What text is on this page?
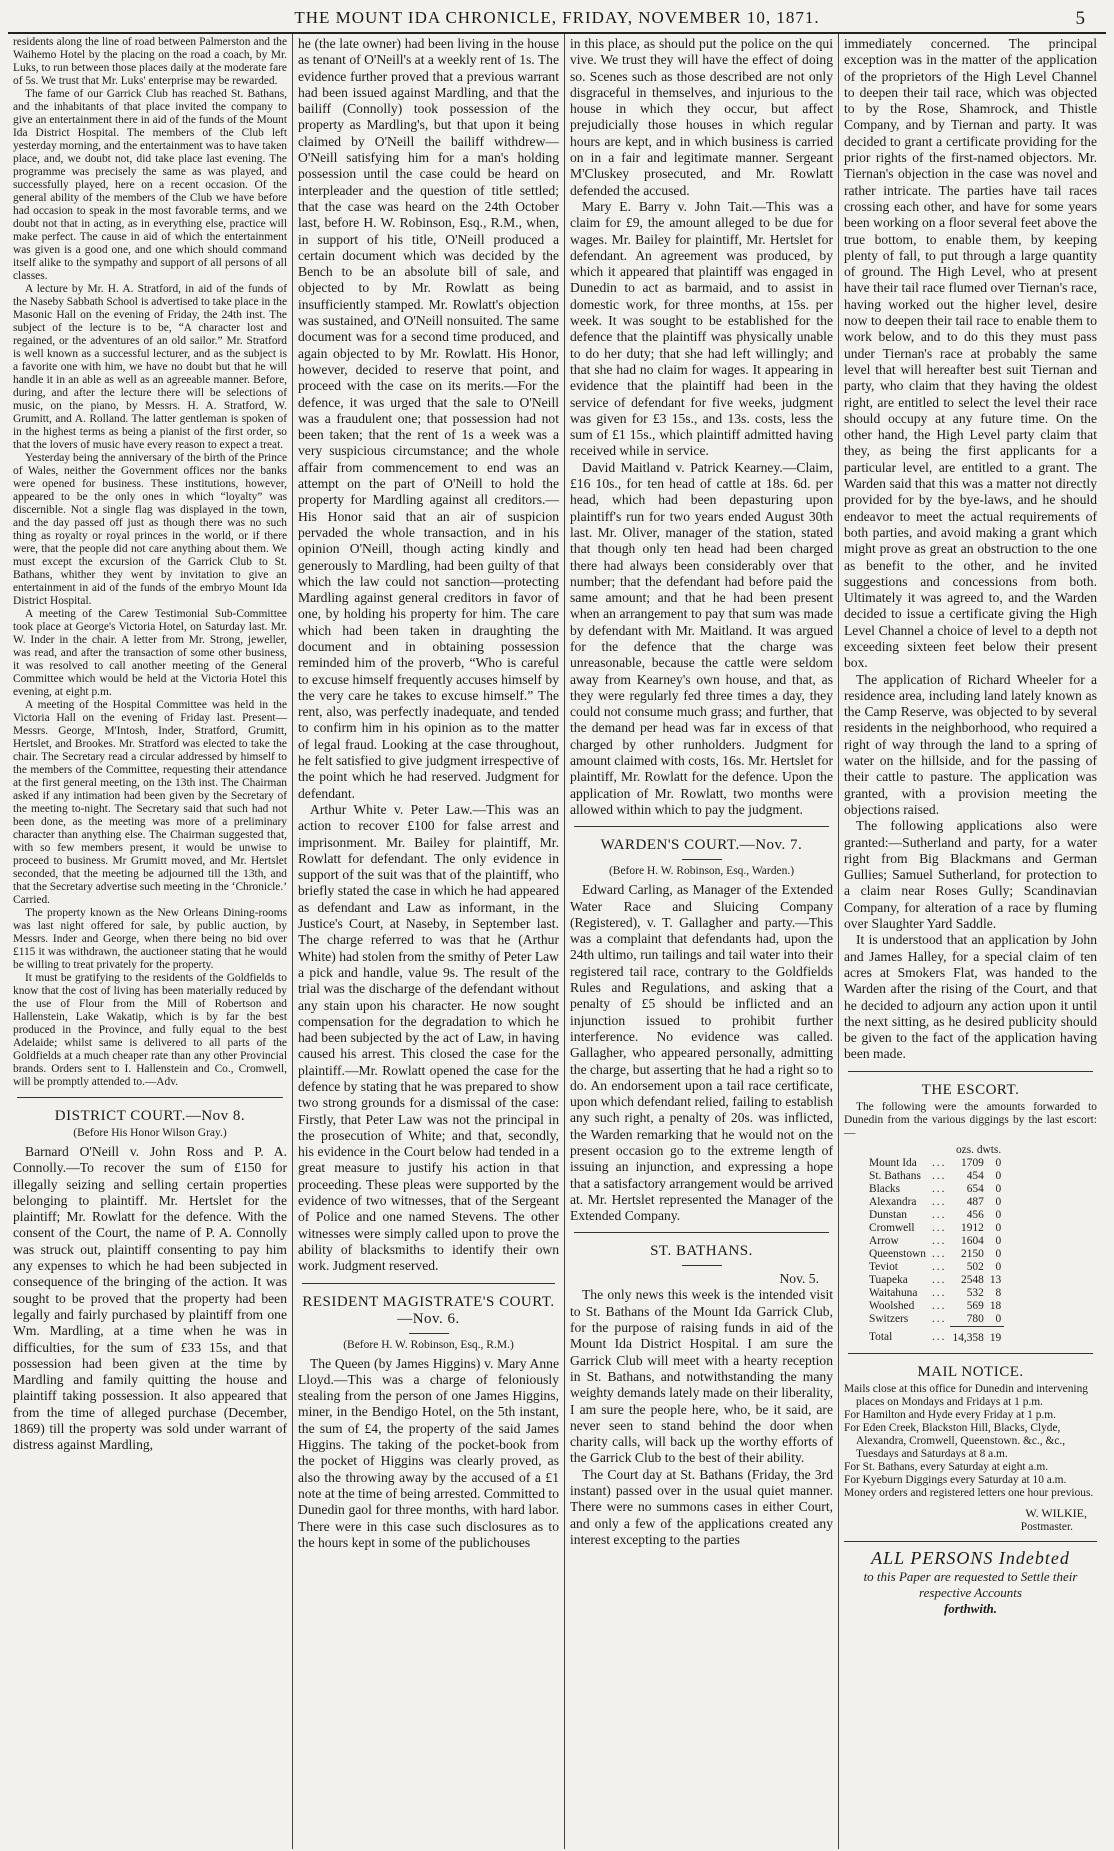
THE MOUNT IDA CHRONICLE, FRIDAY, NOVEMBER 10, 1871.	5

residents along the line of road between Palmerston and the Waihemo Hotel by the placing on the road a coach, by Mr. Luks, to run between those places daily at the moderate fare of 5s. We trust that Mr. Luks' enterprise may be rewarded.

The fame of our Garrick Club has reached St. Bathans, and the inhabitants of that place invited the company to give an entertainment there in aid of the funds of the Mount Ida District Hospital. The members of the Club left yesterday morning, and the entertainment was to have taken place, and, we doubt not, did take place last evening. The programme was precisely the same as was played, and successfully played, here on a recent occasion. Of the general ability of the members of the Club we have before had occasion to speak in the most favorable terms, and we doubt not that in acting, as in everything else, practice will make perfect. The cause in aid of which the entertainment was given is a good one, and one which should command itself alike to the sympathy and support of all persons of all classes.

A lecture by Mr. H. A. Stratford, in aid of the funds of the Naseby Sabbath School is advertised to take place in the Masonic Hall on the evening of Friday, the 24th inst. The subject of the lecture is to be, “A character lost and regained, or the adventures of an old sailor.” Mr. Stratford is well known as a successful lecturer, and as the subject is a favorite one with him, we have no doubt but that he will handle it in an able as well as an agreeable manner. Before, during, and after the lecture there will be selections of music, on the piano, by Messrs. H. A. Stratford, W. Grumitt, and A. Rolland. The latter gentleman is spoken of in the highest terms as being a pianist of the first order, so that the lovers of music have every reason to expect a treat.

Yesterday being the anniversary of the birth of the Prince of Wales, neither the Government offices nor the banks were opened for business. These institutions, however, appeared to be the only ones in which “loyalty” was discernible. Not a single flag was displayed in the town, and the day passed off just as though there was no such thing as royalty or royal princes in the world, or if there were, that the people did not care anything about them. We must except the excursion of the Garrick Club to St. Bathans, whither they went by invitation to give an entertainment in aid of the funds of the embryo Mount Ida District Hospital.

A meeting of the Carew Testimonial Sub-Committee took place at George's Victoria Hotel, on Saturday last. Mr. W. Inder in the chair. A letter from Mr. Strong, jeweller, was read, and after the transaction of some other business, it was resolved to call another meeting of the General Committee which would be held at the Victoria Hotel this evening, at eight p.m.

A meeting of the Hospital Committee was held in the Victoria Hall on the evening of Friday last. Present—Messrs. George, M'Intosh, Inder, Stratford, Grumitt, Hertslet, and Brookes. Mr. Stratford was elected to take the chair. The Secretary read a circular addressed by himself to the members of the Committee, requesting their attendance at the first general meeting, on the 13th inst. The Chairman asked if any intimation had been given by the Secretary of the meeting to-night. The Secretary said that such had not been done, as the meeting was more of a preliminary character than anything else. The Chairman suggested that, with so few members present, it would be unwise to proceed to business. Mr Grumitt moved, and Mr. Hertslet seconded, that the meeting be adjourned till the 13th, and that the Secretary advertise such meeting in the ‘Chronicle.’ Carried.

The property known as the New Orleans Dining-rooms was last night offered for sale, by public auction, by Messrs. Inder and George, when there being no bid over £115 it was withdrawn, the auctioneer stating that he would be willing to treat privately for the property.

It must be gratifying to the residents of the Goldfields to know that the cost of living has been materially reduced by the use of Flour from the Mill of Robertson and Hallenstein, Lake Wakatip, which is by far the best produced in the Province, and fully equal to the best Adelaide; whilst same is delivered to all parts of the Goldfields at a much cheaper rate than any other Provincial brands. Orders sent to I. Hallenstein and Co., Cromwell, will be promptly attended to.—Adv.

DISTRICT COURT.—Nov 8.
(Before His Honor Wilson Gray.)

Barnard O'Neill v. John Ross and P. A. Connolly.—To recover the sum of £150 for illegally seizing and selling certain properties belonging to plaintiff. Mr. Hertslet for the plaintiff; Mr. Rowlatt for the defence. With the consent of the Court, the name of P. A. Connolly was struck out, plaintiff consenting to pay him any expenses to which he had been subjected in consequence of the bringing of the action. It was sought to be proved that the property had been legally and fairly purchased by plaintiff from one Wm. Mardling, at a time when he was in difficulties, for the sum of £33 15s, and that possession had been given at the time by Mardling and family quitting the house and plaintiff taking possession. It also appeared that from the time of alleged purchase (December, 1869) till the property was sold under warrant of distress against Mardling,

he (the late owner) had been living in the house as tenant of O'Neill's at a weekly rent of 1s. The evidence further proved that a previous warrant had been issued against Mardling, and that the bailiff (Connolly) took possession of the property as Mardling's, but that upon it being claimed by O'Neill the bailiff withdrew—O'Neill satisfying him for a man's holding possession until the case could be heard on interpleader and the question of title settled; that the case was heard on the 24th October last, before H. W. Robinson, Esq., R.M., when, in support of his title, O'Neill produced a certain document which was decided by the Bench to be an absolute bill of sale, and objected to by Mr. Rowlatt as being insufficiently stamped. Mr. Rowlatt's objection was sustained, and O'Neill nonsuited. The same document was for a second time produced, and again objected to by Mr. Rowlatt. His Honor, however, decided to reserve that point, and proceed with the case on its merits.—For the defence, it was urged that the sale to O'Neill was a fraudulent one; that possession had not been taken; that the rent of 1s a week was a very suspicious circumstance; and the whole affair from commencement to end was an attempt on the part of O'Neill to hold the property for Mardling against all creditors.—His Honor said that an air of suspicion pervaded the whole transaction, and in his opinion O'Neill, though acting kindly and generously to Mardling, had been guilty of that which the law could not sanction—protecting Mardling against general creditors in favor of one, by holding his property for him. The care which had been taken in draughting the document and in obtaining possession reminded him of the proverb, “Who is careful to excuse himself frequently accuses himself by the very care he takes to excuse himself.” The rent, also, was perfectly inadequate, and tended to confirm him in his opinion as to the matter of legal fraud. Looking at the case throughout, he felt satisfied to give judgment irrespective of the point which he had reserved. Judgment for defendant.

Arthur White v. Peter Law.—This was an action to recover £100 for false arrest and imprisonment. Mr. Bailey for plaintiff, Mr. Rowlatt for defendant. The only evidence in support of the suit was that of the plaintiff, who briefly stated the case in which he had appeared as defendant and Law as informant, in the Justice's Court, at Naseby, in September last. The charge referred to was that he (Arthur White) had stolen from the smithy of Peter Law a pick and handle, value 9s. The result of the trial was the discharge of the defendant without any stain upon his character. He now sought compensation for the degradation to which he had been subjected by the act of Law, in having caused his arrest. This closed the case for the plaintiff.—Mr. Rowlatt opened the case for the defence by stating that he was prepared to show two strong grounds for a dismissal of the case: Firstly, that Peter Law was not the principal in the prosecution of White; and that, secondly, his evidence in the Court below had tended in a great measure to justify his action in that proceeding. These pleas were supported by the evidence of two witnesses, that of the Sergeant of Police and one named Stevens. The other witnesses were simply called upon to prove the ability of blacksmiths to identify their own work. Judgment reserved.

RESIDENT MAGISTRATE'S COURT.—Nov. 6.
(Before H. W. Robinson, Esq., R.M.)

The Queen (by James Higgins) v. Mary Anne Lloyd.—This was a charge of feloniously stealing from the person of one James Higgins, miner, in the Bendigo Hotel, on the 5th instant, the sum of £4, the property of the said James Higgins. The taking of the pocket-book from the pocket of Higgins was clearly proved, as also the throwing away by the accused of a £1 note at the time of being arrested. Committed to Dunedin gaol for three months, with hard labor. There were in this case such disclosures as to the hours kept in some of the publichouses

in this place, as should put the police on the qui vive. We trust they will have the effect of doing so. Scenes such as those described are not only disgraceful in themselves, and injurious to the house in which they occur, but affect prejudicially those houses in which regular hours are kept, and in which business is carried on in a fair and legitimate manner. Sergeant M'Cluskey prosecuted, and Mr. Rowlatt defended the accused.

Mary E. Barry v. John Tait.—This was a claim for £9, the amount alleged to be due for wages. Mr. Bailey for plaintiff, Mr. Hertslet for defendant. An agreement was produced, by which it appeared that plaintiff was engaged in Dunedin to act as barmaid, and to assist in domestic work, for three months, at 15s. per week. It was sought to be established for the defence that the plaintiff was physically unable to do her duty; that she had left willingly; and that she had no claim for wages. It appearing in evidence that the plaintiff had been in the service of defendant for five weeks, judgment was given for £3 15s., and 13s. costs, less the sum of £1 15s., which plaintiff admitted having received while in service.

David Maitland v. Patrick Kearney.—Claim, £16 10s., for ten head of cattle at 18s. 6d. per head, which had been depasturing upon plaintiff's run for two years ended August 30th last. Mr. Oliver, manager of the station, stated that though only ten head had been charged there had always been considerably over that number; that the defendant had before paid the same amount; and that he had been present when an arrangement to pay that sum was made by defendant with Mr. Maitland. It was argued for the defence that the charge was unreasonable, because the cattle were seldom away from Kearney's own house, and that, as they were regularly fed three times a day, they could not consume much grass; and further, that the demand per head was far in excess of that charged by other runholders. Judgment for amount claimed with costs, 16s. Mr. Hertslet for plaintiff, Mr. Rowlatt for the defence. Upon the application of Mr. Rowlatt, two months were allowed within which to pay the judgment.

WARDEN'S COURT.—Nov. 7.
(Before H. W. Robinson, Esq., Warden.)

Edward Carling, as Manager of the Extended Water Race and Sluicing Company (Registered), v. T. Gallagher and party.—This was a complaint that defendants had, upon the 24th ultimo, run tailings and tail water into their registered tail race, contrary to the Goldfields Rules and Regulations, and asking that a penalty of £5 should be inflicted and an injunction issued to prohibit further interference. No evidence was called. Gallagher, who appeared personally, admitting the charge, but asserting that he had a right so to do. An endorsement upon a tail race certificate, upon which defendant relied, failing to establish any such right, a penalty of 20s. was inflicted, the Warden remarking that he would not on the present occasion go to the extreme length of issuing an injunction, and expressing a hope that a satisfactory arrangement would be arrived at. Mr. Hertslet represented the Manager of the Extended Company.

ST. BATHANS.
Nov. 5.

The only news this week is the intended visit to St. Bathans of the Mount Ida Garrick Club, for the purpose of raising funds in aid of the Mount Ida District Hospital. I am sure the Garrick Club will meet with a hearty reception in St. Bathans, and notwithstanding the many weighty demands lately made on their liberality, I am sure the people here, who, be it said, are never seen to stand behind the door when charity calls, will back up the worthy efforts of the Garrick Club to the best of their ability.

The Court day at St. Bathans (Friday, the 3rd instant) passed over in the usual quiet manner. There were no summons cases in either Court, and only a few of the applications created any interest excepting to the parties

immediately concerned. The principal exception was in the matter of the application of the proprietors of the High Level Channel to deepen their tail race, which was objected to by the Rose, Shamrock, and Thistle Company, and by Tiernan and party. It was decided to grant a certificate providing for the prior rights of the first-named objectors. Mr. Tiernan's objection in the case was novel and rather intricate. The parties have tail races crossing each other, and have for some years been working on a floor several feet above the true bottom, to enable them, by keeping plenty of fall, to put through a large quantity of ground. The High Level, who at present have their tail race flumed over Tiernan's race, having worked out the higher level, desire now to deepen their tail race to enable them to work below, and to do this they must pass under Tiernan's race at probably the same level that will hereafter best suit Tiernan and party, who claim that they having the oldest right, are entitled to select the level their race should occupy at any future time. On the other hand, the High Level party claim that they, as being the first applicants for a particular level, are entitled to a grant. The Warden said that this was a matter not directly provided for by the bye-laws, and he should endeavor to meet the actual requirements of both parties, and avoid making a grant which might prove as great an obstruction to the one as benefit to the other, and he invited suggestions and concessions from both. Ultimately it was agreed to, and the Warden decided to issue a certificate giving the High Level Channel a choice of level to a depth not exceeding sixteen feet below their present box.

The application of Richard Wheeler for a residence area, including land lately known as the Camp Reserve, was objected to by several residents in the neighborhood, who required a right of way through the land to a spring of water on the hillside, and for the passing of their cattle to pasture. The application was granted, with a provision meeting the objections raised.

The following applications also were granted:—Sutherland and party, for a water right from Big Blackmans and German Gullies; Samuel Sutherland, for protection to a claim near Roses Gully; Scandinavian Company, for alteration of a race by fluming over Slaughter Yard Saddle.

It is understood that an application by John and James Halley, for a special claim of ten acres at Smokers Flat, was handed to the Warden after the rising of the Court, and that he decided to adjourn any action upon it until the next sitting, as he desired publicity should be given to the fact of the application having been made.

THE ESCORT.

The following were the amounts forwarded to Dunedin from the various diggings by the last escort:—

		ozs. dwts.	
Mount Ida	...	1709	0
St. Bathans	...	454	0
Blacks	...	654	0
Alexandra	...	487	0
Dunstan	...	456	0
Cromwell	...	1912	0
Arrow	...	1604	0
Queenstown	...	2150	0
Teviot	...	502	0
Tuapeka	...	2548	13
Waitahuna	...	532	8
Woolshed	...	569	18
Switzers	...	780	0
Total	...	14,358	19
MAIL NOTICE.
Mails close at this office for Dunedin and intervening places on Mondays and Fridays at 1 p.m.
For Hamilton and Hyde every Friday at 1 p.m.
For Eden Creek, Blackston Hill, Blacks, Clyde, Alexandra, Cromwell, Queenstown. &c., &c., Tuesdays and Saturdays at 8 a.m.
For St. Bathans, every Saturday at eight a.m.
For Kyeburn Diggings every Saturday at 10 a.m.
Money orders and registered letters one hour previous.
W. WILKIE,
Postmaster.
ALL PERSONS Indebted
to this Paper are requested to Settle their respective Accounts
forthwith.
